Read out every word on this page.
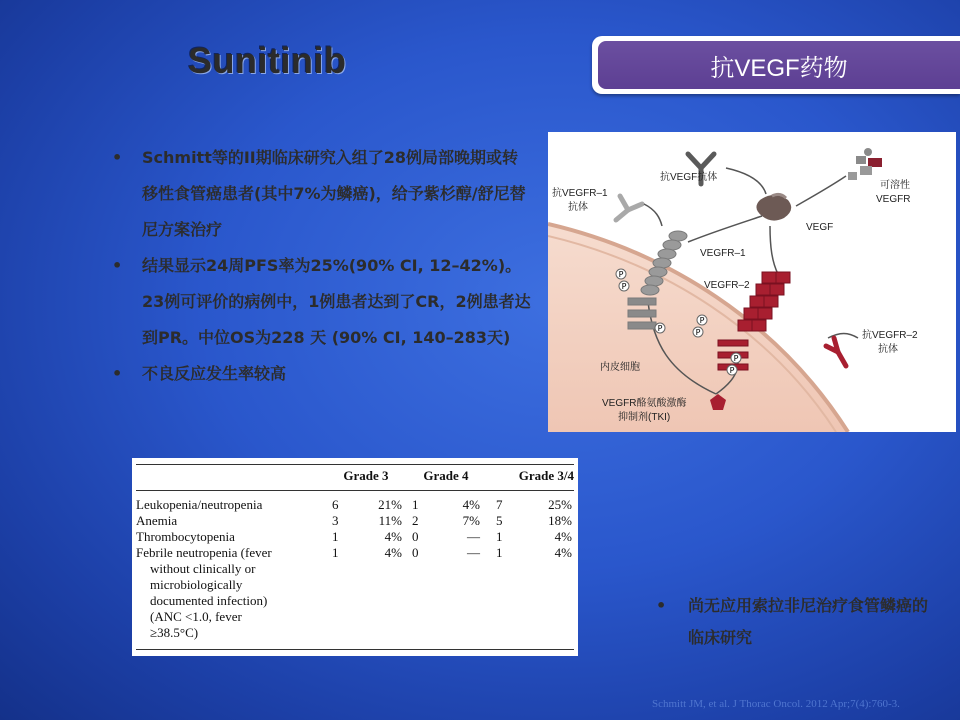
Sunitinib	抗VEGF药物
• Schmitt等的II期临床研究入组了28例局部晚期或转移性食管癌患者(其中7%为鳞癌)，给予紫杉醇/舒尼替尼方案治疗
• 结果显示24周PFS率为25%(90% CI, 12–42%)。23例可评价的病例中，1例患者达到了CR，2例患者达到PR。中位OS为228 天 (90% CI, 140–283天)
• 不良反应发生率较高
P
P
P
P
P
P
P
抗VEGF抗体
抗VEGFR–1
抗体
可溶性
VEGFR
VEGF
VEGFR–1
VEGFR–2
抗VEGFR–2
抗体
内皮细胞
VEGFR酪氨酸激酶
抑制剂(TKI)
	Grade 3	Grade 4	Grade 3/4

Leukopenia/neutropenia	6 21%	1 4%	7 25%
Anemia	3 11%	2 7%	5 18%
Thrombocytopenia	1 4%	0 —	1 4%
Febrile neutropenia (fever	1 4%	0 —	1 4%
without clinically or			
microbiologically			
documented infection)			
(ANC <1.0, fever			
≥38.5°C)			
•	尚无应用索拉非尼治疗食管鳞癌的临床研究
Schmitt JM, et al. J Thorac Oncol. 2012 Apr;7(4):760-3.
